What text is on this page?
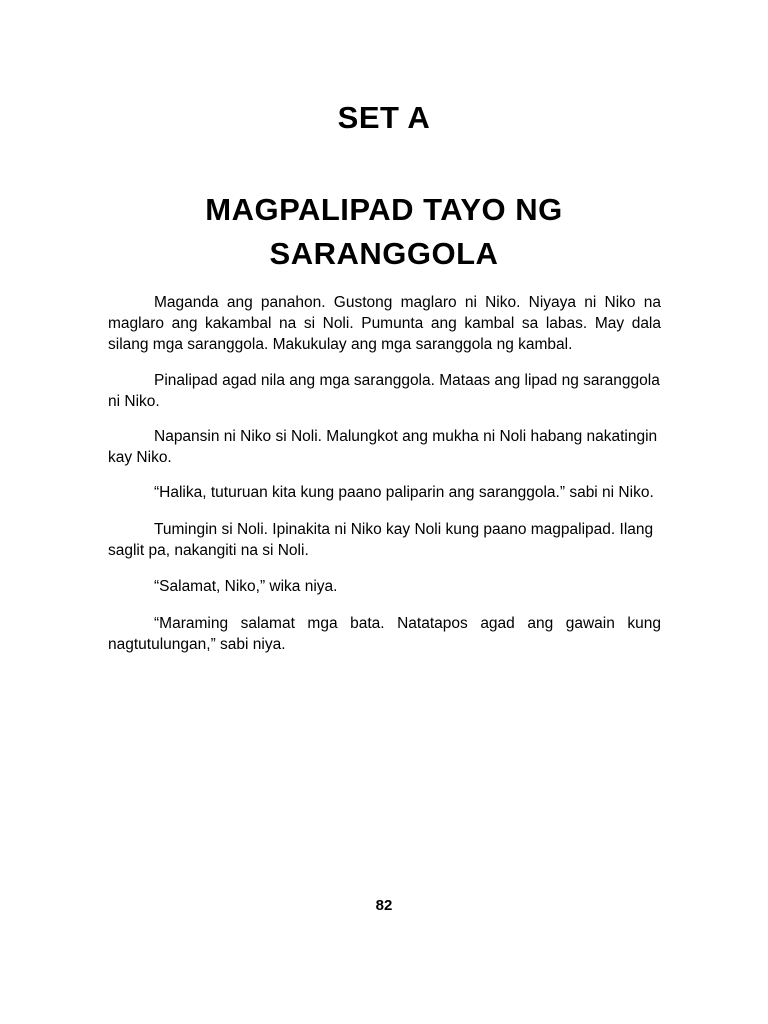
SET A
MAGPALIPAD TAYO NG SARANGGOLA

Maganda ang panahon. Gustong maglaro ni Niko. Niyaya ni Niko na maglaro ang kakambal na si Noli. Pumunta ang kambal sa labas. May dala silang mga saranggola. Makukulay ang mga saranggola ng kambal.

Pinalipad agad nila ang mga saranggola. Mataas ang lipad ng saranggola ni Niko.

Napansin ni Niko si Noli. Malungkot ang mukha ni Noli habang nakatingin kay Niko.

“Halika, tuturuan kita kung paano paliparin ang saranggola.” sabi ni Niko.

Tumingin si Noli. Ipinakita ni Niko kay Noli kung paano magpalipad. Ilang saglit pa, nakangiti na si Noli.

“Salamat, Niko,” wika niya.

“Maraming salamat mga bata. Natatapos agad ang gawain kung nagtutulungan,” sabi niya.

82
